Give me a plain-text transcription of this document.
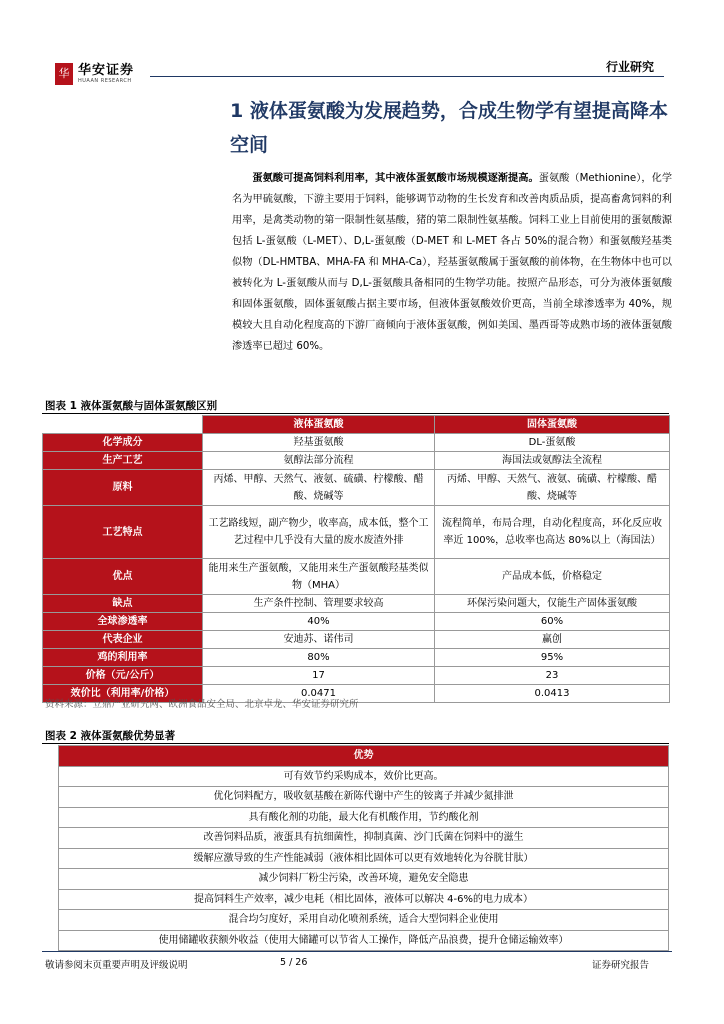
华 华安证券
HUAAN RESEARCH
行业研究
1 液体蛋氨酸为发展趋势，合成生物学有望提高降本空间
蛋氨酸可提高饲料利用率，其中液体蛋氨酸市场规模逐渐提高。蛋氨酸（Methionine），化学名为甲硫氨酸，下游主要用于饲料，能够调节动物的生长发育和改善肉质品质，提高畜禽饲料的利用率，是禽类动物的第一限制性氨基酸，猪的第二限制性氨基酸。饲料工业上目前使用的蛋氨酸源包括 L-蛋氨酸（L-MET）、D,L-蛋氨酸（D-MET 和 L-MET 各占 50%的混合物）和蛋氨酸羟基类似物（DL-HMTBA、MHA-FA 和 MHA-Ca），羟基蛋氨酸属于蛋氨酸的前体物，在生物体中也可以被转化为 L-蛋氨酸从而与 D,L-蛋氨酸具备相同的生物学功能。按照产品形态，可分为液体蛋氨酸和固体蛋氨酸，固体蛋氨酸占据主要市场，但液体蛋氨酸效价更高，当前全球渗透率为 40%，规模较大且自动化程度高的下游厂商倾向于液体蛋氨酸，例如美国、墨西哥等成熟市场的液体蛋氨酸渗透率已超过 60%。
图表 1 液体蛋氨酸与固体蛋氨酸区别
	液体蛋氨酸	固体蛋氨酸
化学成分	羟基蛋氨酸	DL-蛋氨酸
生产工艺	氨醇法部分流程	海国法或氨醇法全流程
原料	丙烯、甲醇、天然气、液氨、硫磺、柠檬酸、醋酸、烧碱等	丙烯、甲醇、天然气、液氨、硫磺、柠檬酸、醋酸、烧碱等
工艺特点	工艺路线短，副产物少，收率高，成本低，整个工艺过程中几乎没有大量的废水废渣外排	流程简单，布局合理，自动化程度高，环化反应收率近 100%，总收率也高达 80%以上（海国法）
优点	能用来生产蛋氨酸，又能用来生产蛋氨酸羟基类似物（MHA）	产品成本低，价格稳定
缺点	生产条件控制、管理要求较高	环保污染问题大，仅能生产固体蛋氨酸
全球渗透率	40%	60%
代表企业	安迪苏、诺伟司	赢创
鸡的利用率	80%	95%
价格（元/公斤）	17	23
效价比（利用率/价格）	0.0471	0.0413
资料来源：立鼎产业研究网、欧洲食品安全局、北京卓龙、华安证券研究所
图表 2 液体蛋氨酸优势显著
优势
可有效节约采购成本，效价比更高。
优化饲料配方，吸收氨基酸在新陈代谢中产生的铵离子并减少氮排泄
具有酸化剂的功能，最大化有机酸作用，节约酸化剂
改善饲料品质，液蛋具有抗细菌性，抑制真菌、沙门氏菌在饲料中的滋生
缓解应激导致的生产性能减弱（液体相比固体可以更有效地转化为谷胱甘肽）
减少饲料厂粉尘污染，改善环境，避免安全隐患
提高饲料生产效率，减少电耗（相比固体，液体可以解决 4-6%的电力成本）
混合均匀度好，采用自动化喷剂系统，适合大型饲料企业使用
使用储罐收获额外收益（使用大储罐可以节省人工操作，降低产品浪费，提升仓储运输效率）
敬请参阅末页重要声明及评级说明	5 / 26	证券研究报告
